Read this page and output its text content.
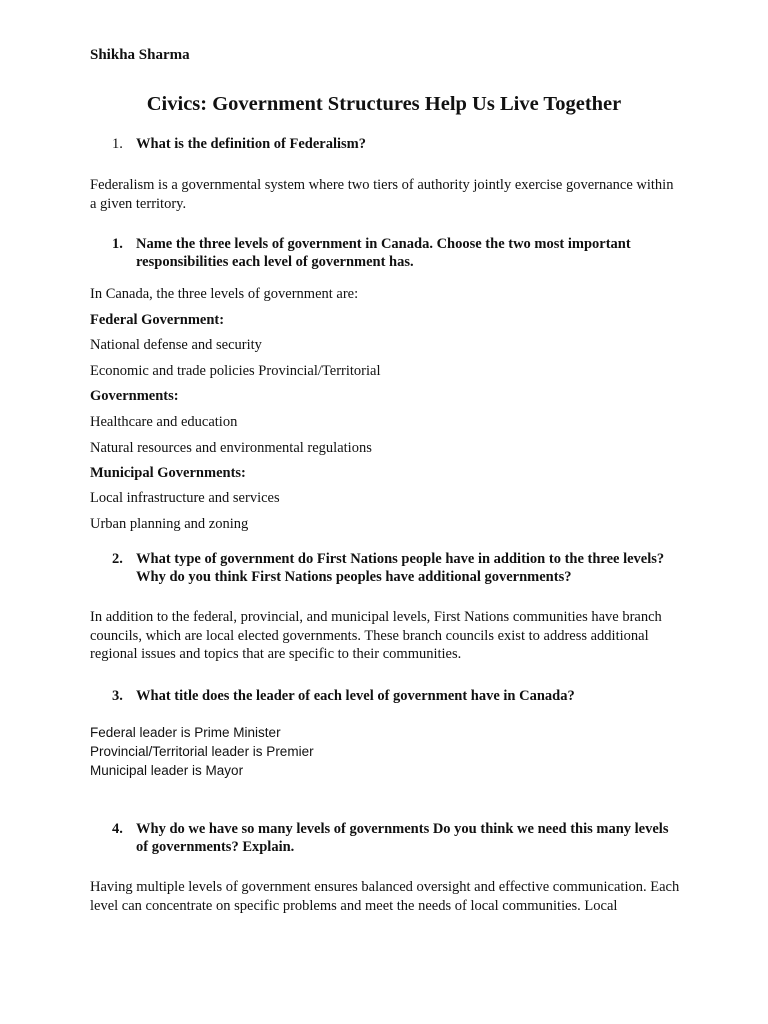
Shikha Sharma
Civics: Government Structures Help Us Live Together
1. What is the definition of Federalism?
Federalism is a governmental system where two tiers of authority jointly exercise governance within a given territory.
1. Name the three levels of government in Canada. Choose the two most important responsibilities each level of government has.
In Canada, the three levels of government are:
Federal Government:
National defense and security
Economic and trade policies Provincial/Territorial
Governments:
Healthcare and education
Natural resources and environmental regulations
Municipal Governments:
Local infrastructure and services
Urban planning and zoning
2. What type of government do First Nations people have in addition to the three levels? Why do you think First Nations peoples have additional governments?
In addition to the federal, provincial, and municipal levels, First Nations communities have branch councils, which are local elected governments. These branch councils exist to address additional regional issues and topics that are specific to their communities.
3. What title does the leader of each level of government have in Canada?
Federal leader is Prime Minister
Provincial/Territorial leader is Premier
Municipal leader is Mayor
4. Why do we have so many levels of governments Do you think we need this many levels of governments? Explain.
Having multiple levels of government ensures balanced oversight and effective communication. Each level can concentrate on specific problems and meet the needs of local communities. Local
